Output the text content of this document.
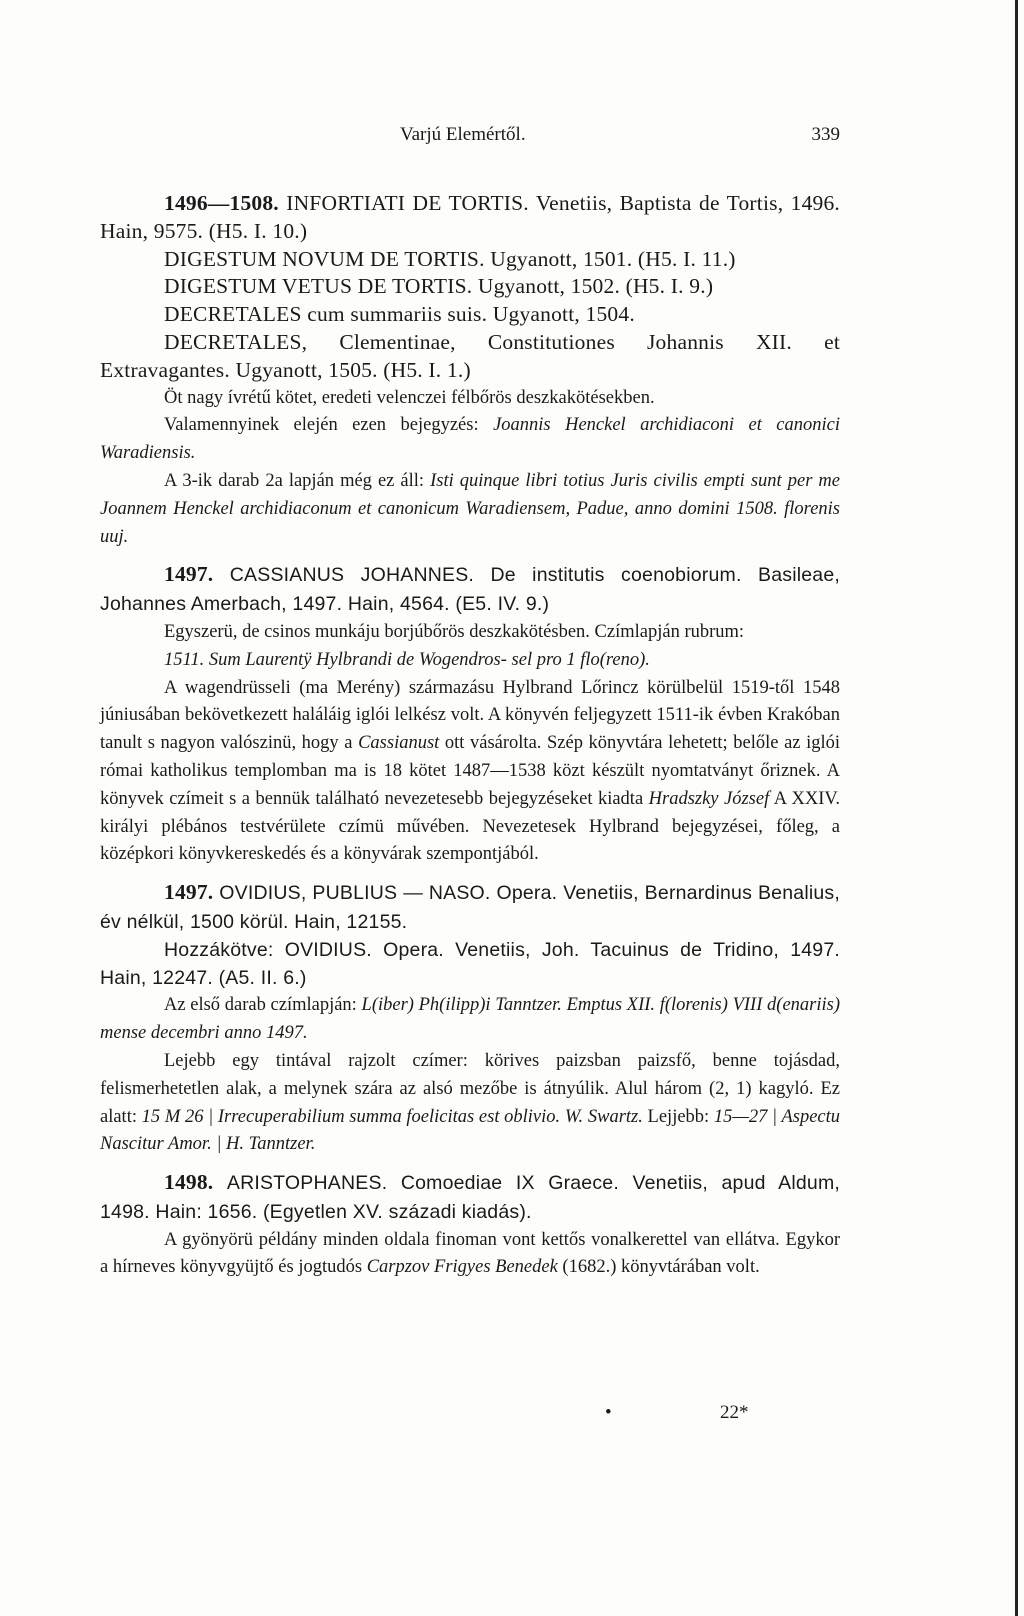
Varjú Elemértől.	339

1496—1508. INFORTIATI DE TORTIS. Venetiis, Baptista de Tortis, 1496. Hain, 9575. (H5. I. 10.)

DIGESTUM NOVUM DE TORTIS. Ugyanott, 1501. (H5. I. 11.)

DIGESTUM VETUS DE TORTIS. Ugyanott, 1502. (H5. I. 9.)

DECRETALES cum summariis suis. Ugyanott, 1504.

DECRETALES, Clementinae, Constitutiones Johannis XII. et Extravagantes. Ugyanott, 1505. (H5. I. 1.)

Öt nagy ívrétű kötet, eredeti velenczei félbőrös deszkakötésekben.

Valamennyinek elején ezen bejegyzés: Joannis Henckel archidiaconi et canonici Waradiensis.

A 3-ik darab 2a lapján még ez áll: Isti quinque libri totius Juris civilis empti sunt per me Joannem Henckel archidiaconum et canonicum Waradiensem, Padue, anno domini 1508. florenis uuj.

1497. CASSIANUS JOHANNES. De institutis coenobiorum. Basileae, Johannes Amerbach, 1497. Hain, 4564. (E5. IV. 9.)

Egyszerü, de csinos munkáju borjúbőrös deszkakötésben. Czímlapján rubrum:

1511. Sum Laurentÿ Hylbrandi de Wogendros- sel pro 1 flo(reno).

A wagendrüsseli (ma Merény) származásu Hylbrand Lőrincz körülbelül 1519-től 1548 júniusában bekövetkezett haláláig iglói lelkész volt. A könyvén feljegyzett 1511-ik évben Krakóban tanult s nagyon valószinü, hogy a Cassianust ott vásárolta. Szép könyvtára lehetett; belőle az iglói római katholikus templomban ma is 18 kötet 1487—1538 közt készült nyomtatványt őriznek. A könyvek czímeit s a bennük található nevezetesebb bejegyzéseket kiadta Hradszky József A XXIV. királyi plébános testvérülete czímü művében. Nevezetesek Hylbrand bejegyzései, főleg, a középkori könyvkereskedés és a könyvárak szempontjából.

1497. OVIDIUS, PUBLIUS — NASO. Opera. Venetiis, Bernardinus Benalius, év nélkül, 1500 körül. Hain, 12155.

Hozzákötve: OVIDIUS. Opera. Venetiis, Joh. Tacuinus de Tridino, 1497. Hain, 12247. (A5. II. 6.)

Az első darab czímlapján: L(iber) Ph(ilipp)i Tanntzer. Emptus XII. f(lorenis) VIII d(enariis) mense decembri anno 1497.

Lejebb egy tintával rajzolt czímer: körives paizsban paizsfő, benne tojásdad, felismerhetetlen alak, a melynek szára az alsó mezőbe is átnyúlik. Alul három (2, 1) kagyló. Ez alatt: 15 M 26 | Irrecuperabilium summa foelicitas est oblivio. W. Swartz. Lejjebb: 15—27 | Aspectu Nascitur Amor. | H. Tanntzer.

1498. ARISTOPHANES. Comoediae IX Graece. Venetiis, apud Aldum, 1498. Hain: 1656. (Egyetlen XV. századi kiadás).

A gyönyörü példány minden oldala finoman vont kettős vonalkerettel van ellátva. Egykor a hírneves könyvgyüjtő és jogtudós Carpzov Frigyes Benedek (1682.) könyvtárában volt.

•	22*
